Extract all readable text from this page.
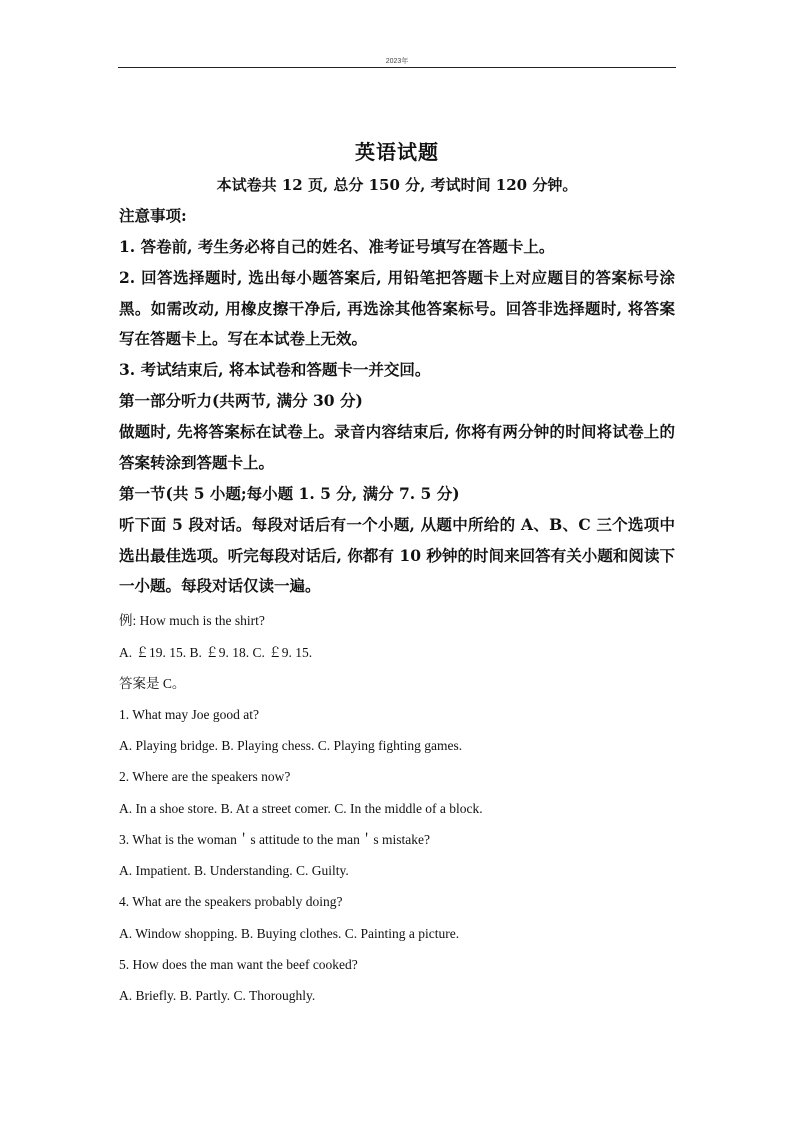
2023年
英语试题
本试卷共 12 页, 总分 150 分, 考试时间 120 分钟。
注意事项:
1. 答卷前, 考生务必将自己的姓名、准考证号填写在答题卡上。
2. 回答选择题时, 选出每小题答案后, 用铅笔把答题卡上对应题目的答案标号涂黑。如需改动, 用橡皮擦干净后, 再选涂其他答案标号。回答非选择题时, 将答案写在答题卡上。写在本试卷上无效。
3. 考试结束后, 将本试卷和答题卡一并交回。
第一部分听力(共两节, 满分 30 分)
做题时, 先将答案标在试卷上。录音内容结束后, 你将有两分钟的时间将试卷上的答案转涂到答题卡上。
第一节(共 5 小题;每小题 1. 5 分, 满分 7. 5 分)
听下面 5 段对话。每段对话后有一个小题, 从题中所给的 A、B、C 三个选项中选出最佳选项。听完每段对话后, 你都有 10 秒钟的时间来回答有关小题和阅读下一小题。每段对话仅读一遍。
例: How much is the shirt?
A. ￡19. 15. B. ￡9. 18. C. ￡9. 15.
答案是 C。
1. What may Joe good at?
A. Playing bridge. B. Playing chess. C. Playing fighting games.
2. Where are the speakers now?
A. In a shoe store. B. At a street comer. C. In the middle of a block.
3. What is the woman＇s attitude to the man＇s mistake?
A. Impatient. B. Understanding. C. Guilty.
4. What are the speakers probably doing?
A. Window shopping. B. Buying clothes. C. Painting a picture.
5. How does the man want the beef cooked?
A. Briefly. B. Partly. C. Thoroughly.
